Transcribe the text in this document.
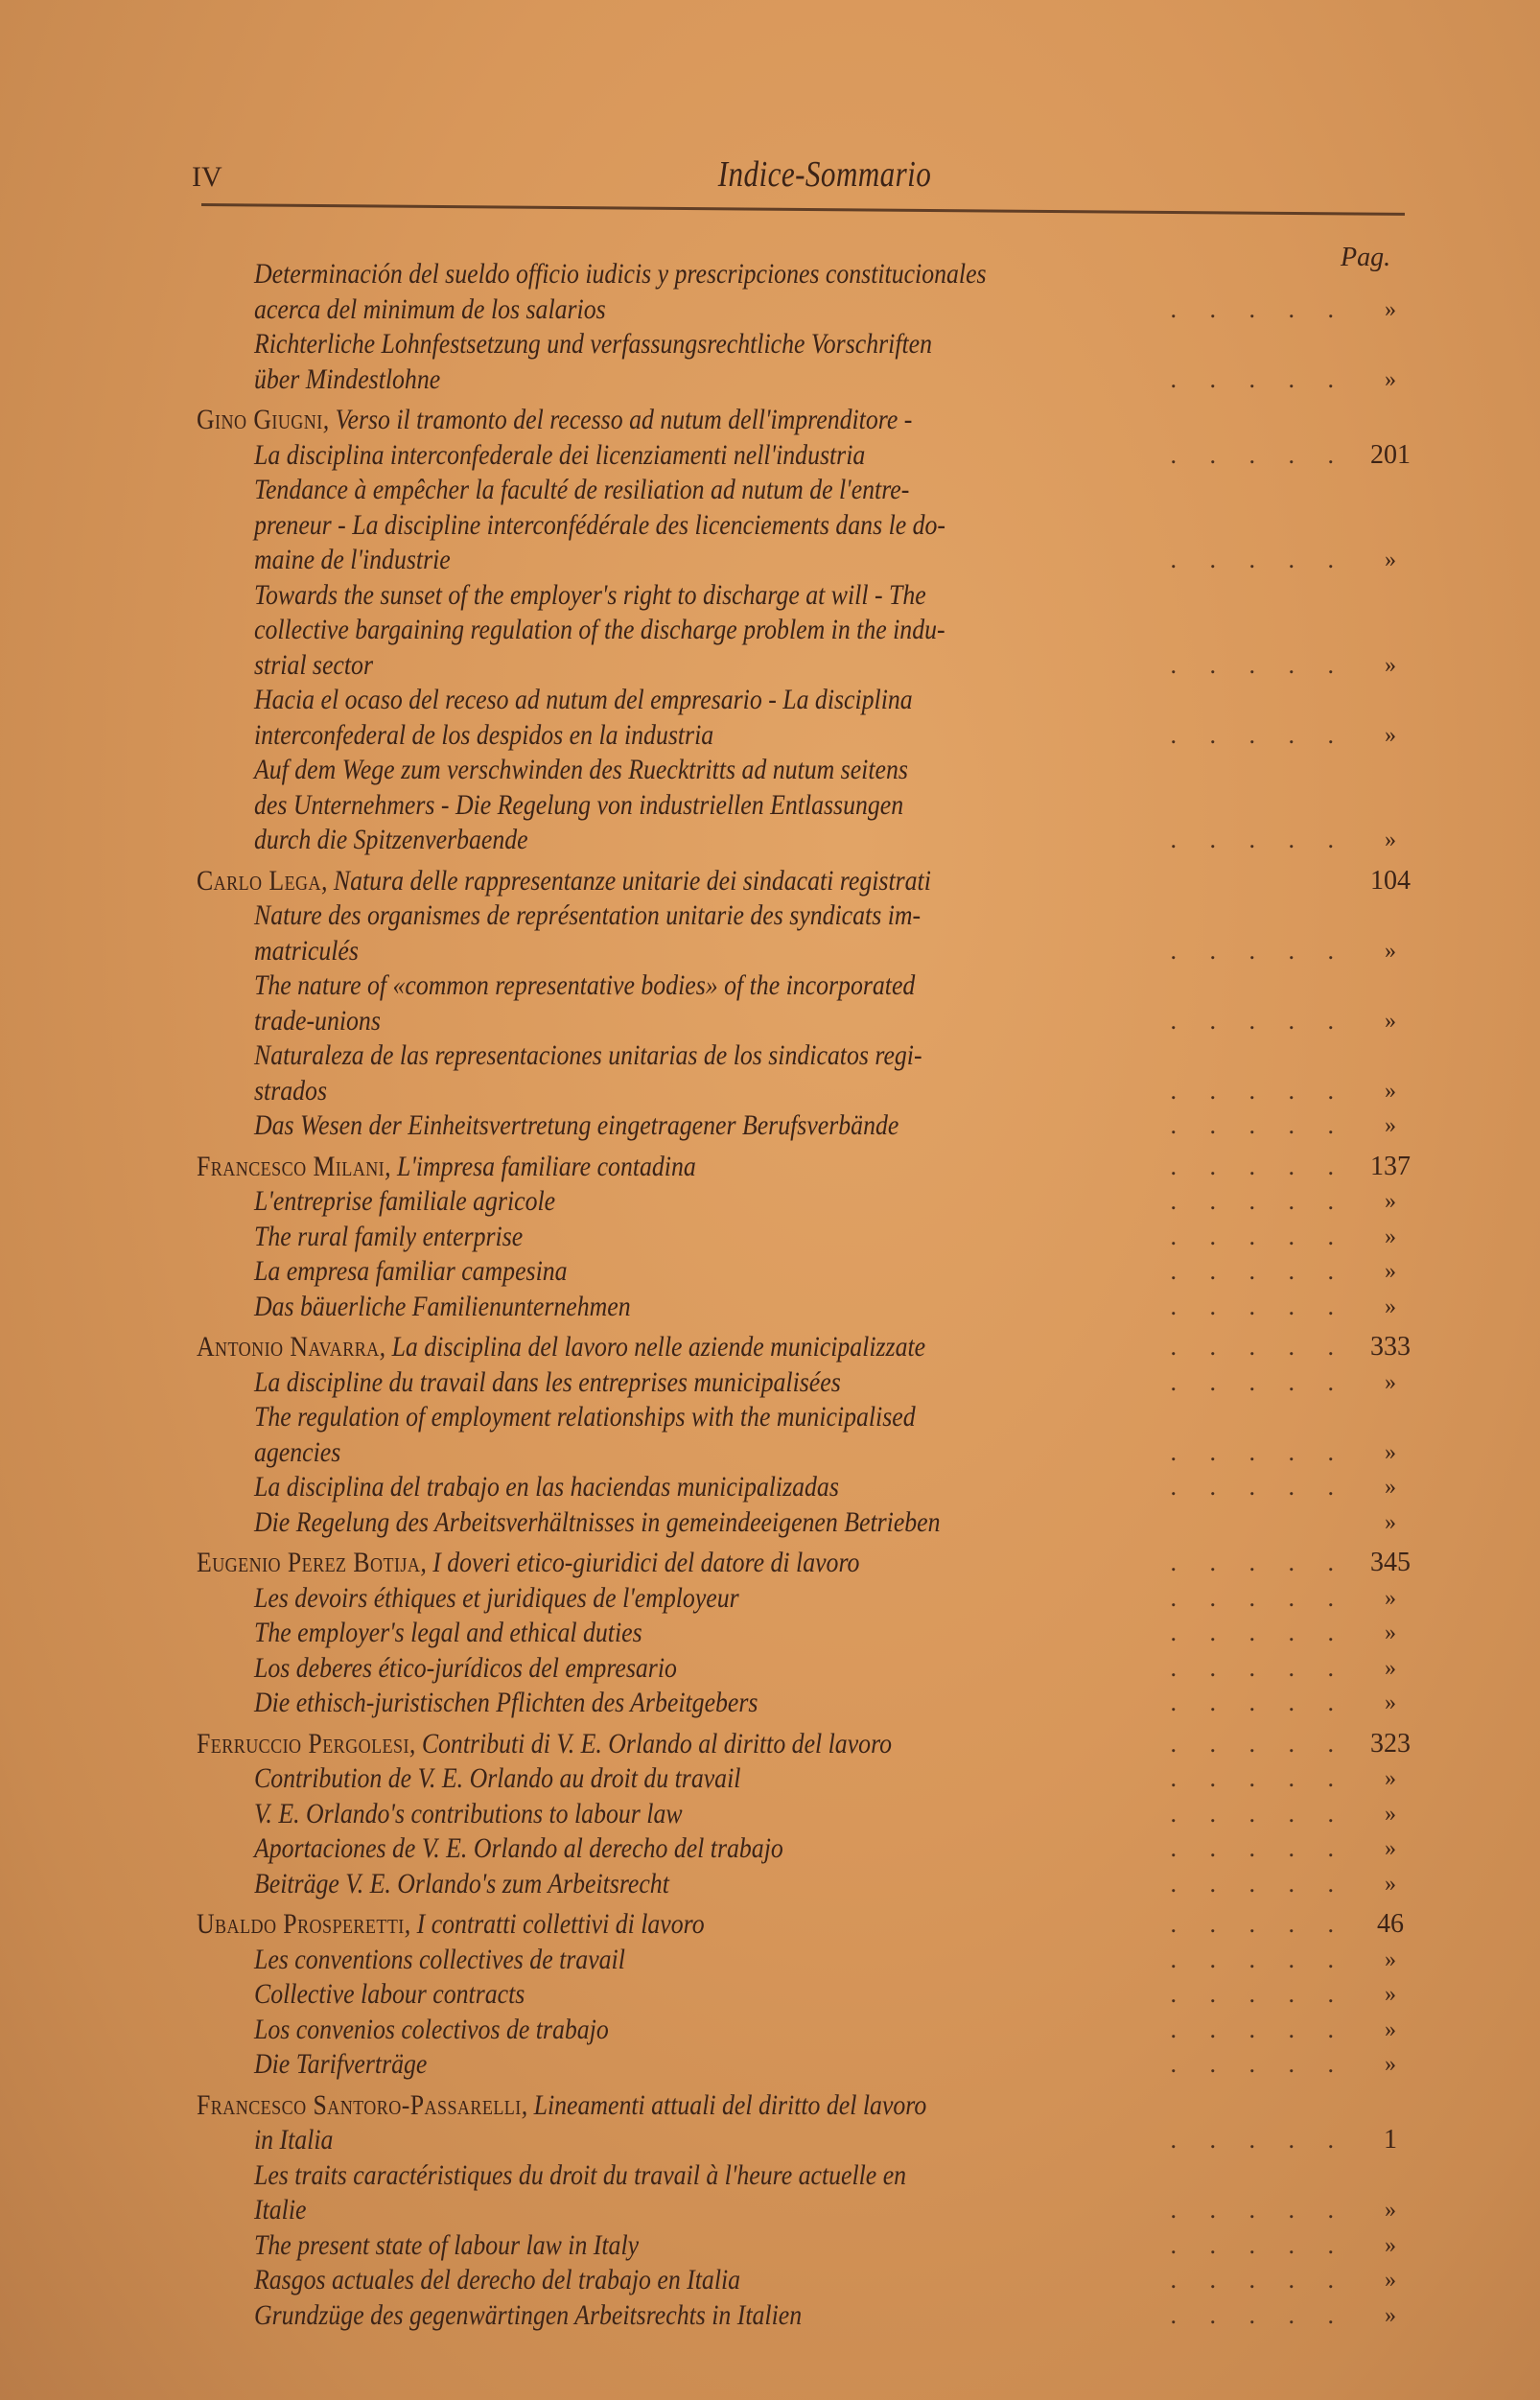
IV	Indice-Sommario
Pag.
Determinación del sueldo officio iudicis y prescripciones constitucionales
acerca del minimum de los salarios	. . . . .	»
Richterliche Lohnfestsetzung und verfassungsrechtliche Vorschriften
über Mindestlohne	. . . . .	»
Gino Giugni, Verso il tramonto del recesso ad nutum dell'imprenditore -
La disciplina interconfederale dei licenziamenti nell'industria	. . . . . 201
Tendance à empêcher la faculté de resiliation ad nutum de l'entre-
preneur - La discipline interconfédérale des licenciements dans le do-
maine de l'industrie	. . . . .	»
Towards the sunset of the employer's right to discharge at will - The
collective bargaining regulation of the discharge problem in the indu-
strial sector	. . . . .	»
Hacia el ocaso del receso ad nutum del empresario - La disciplina
interconfederal de los despidos en la industria	. . . . .	»
Auf dem Wege zum verschwinden des Ruecktritts ad nutum seitens
des Unternehmers - Die Regelung von industriellen Entlassungen
durch die Spitzenverbaende	. . . . .	»
Carlo Lega, Natura delle rappresentanze unitarie dei sindacati registrati	104
Nature des organismes de représentation unitarie des syndicats im-
matriculés	. . . . .	»
The nature of «common representative bodies» of the incorporated
trade-unions	. . . . .	»
Naturaleza de las representaciones unitarias de los sindicatos regi-
strados	. . . . .	»
Das Wesen der Einheitsvertretung eingetragener Berufsverbände	. . . . .	»
Francesco Milani, L'impresa familiare contadina	. . . . . 137
L'entreprise familiale agricole	. . . . .	»
The rural family enterprise	. . . . .	»
La empresa familiar campesina	. . . . .	»
Das bäuerliche Familienunternehmen	. . . . .	»
Antonio Navarra, La disciplina del lavoro nelle aziende municipalizzate	. . . . . 333
La discipline du travail dans les entreprises municipalisées	. . . . .	»
The regulation of employment relationships with the municipalised
agencies	. . . . .	»
La disciplina del trabajo en las haciendas municipalizadas	. . . . .	»
Die Regelung des Arbeitsverhältnisses in gemeindeeigenen Betrieben	»
Eugenio Perez Botija, I doveri etico-giuridici del datore di lavoro	. . . . . 345
Les devoirs éthiques et juridiques de l'employeur	. . . . .	»
The employer's legal and ethical duties	. . . . .	»
Los deberes ético-jurídicos del empresario	. . . . .	»
Die ethisch-juristischen Pflichten des Arbeitgebers	. . . . .	»
Ferruccio Pergolesi, Contributi di V. E. Orlando al diritto del lavoro	. . . . . 323
Contribution de V. E. Orlando au droit du travail	. . . . .	»
V. E. Orlando's contributions to labour law	. . . . .	»
Aportaciones de V. E. Orlando al derecho del trabajo	. . . . .	»
Beiträge V. E. Orlando's zum Arbeitsrecht	. . . . .	»
Ubaldo Prosperetti, I contratti collettivi di lavoro	. . . . .	46
Les conventions collectives de travail	. . . . .	»
Collective labour contracts	. . . . .	»
Los convenios colectivos de trabajo	. . . . .	»
Die Tarifverträge	. . . . .	»
Francesco Santoro-Passarelli, Lineamenti attuali del diritto del lavoro
in Italia	. . . . .	1
Les traits caractéristiques du droit du travail à l'heure actuelle en
Italie	. . . . .	»
The present state of labour law in Italy	. . . . .	»
Rasgos actuales del derecho del trabajo en Italia	. . . . .	»
Grundzüge des gegenwärtingen Arbeitsrechts in Italien	. . . . .	»
